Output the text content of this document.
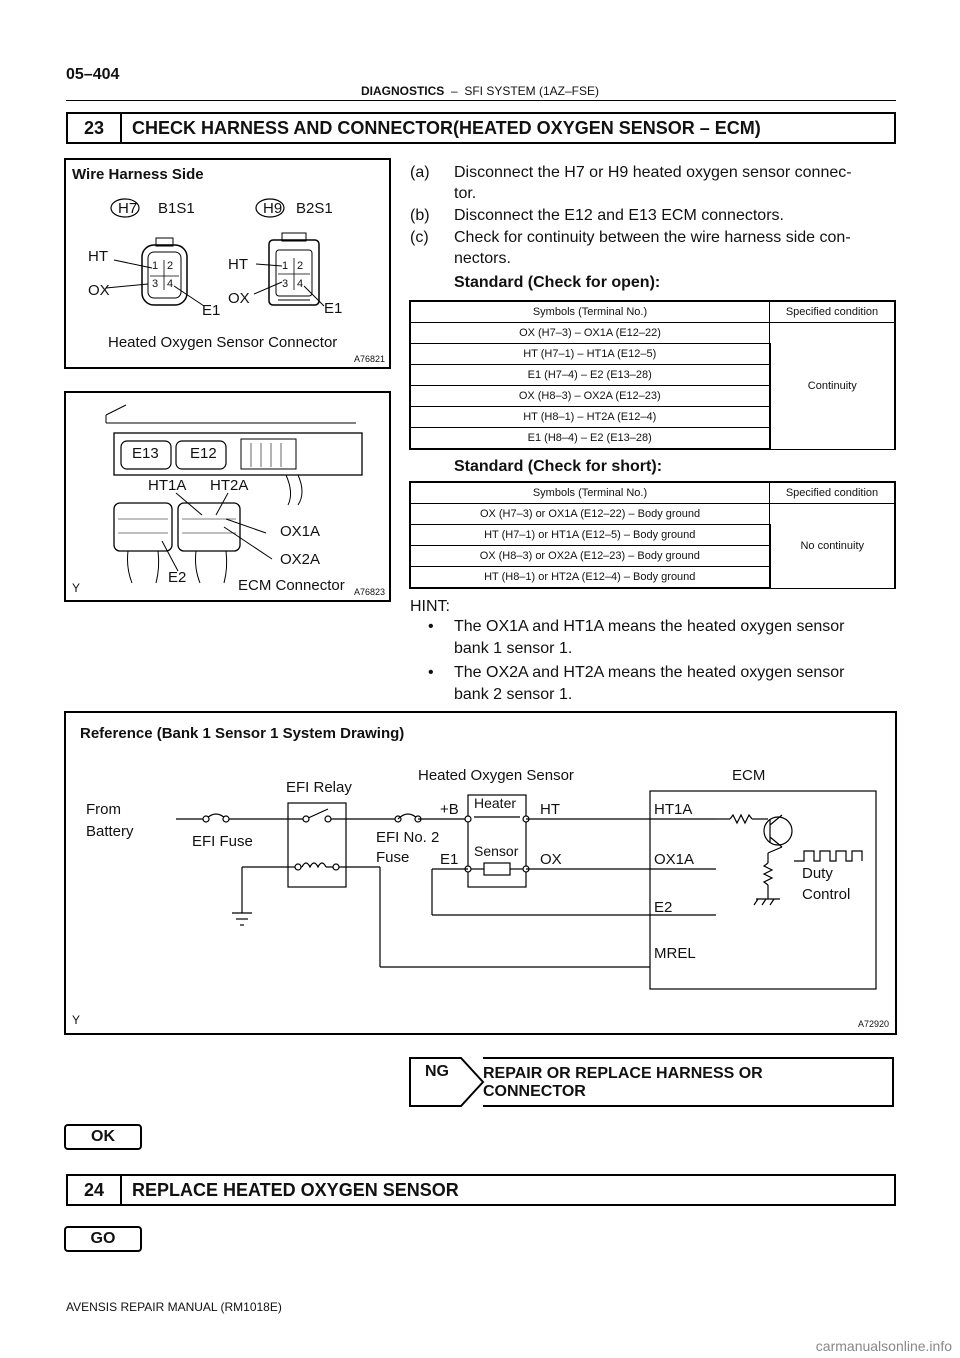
05–404
DIAGNOSTICS – SFI SYSTEM (1AZ–FSE)
23	CHECK HARNESS AND CONNECTOR(HEATED OXYGEN SENSOR – ECM)
Wire Harness Side
H7 B1S1	H9 B2S1
HT
OX
E1
HT
OX
E1
1 2
3 4
1 2
3 4
Heated Oxygen Sensor Connector
A76821
E13 E12
HT1A HT2A
OX1A
OX2A
E2	ECM Connector A76823
Y
(a) Disconnect the H7 or H9 heated oxygen sensor connec-
tor.
(b) Disconnect the E12 and E13 ECM connectors.
(c) Check for continuity between the wire harness side con-
nectors.
Standard (Check for open):
Symbols (Terminal No.)	Specified condition
OX (H7–3) – OX1A (E12–22)	Continuity
HT (H7–1) – HT1A (E12–5)	
E1 (H7–4) – E2 (E13–28)	
OX (H8–3) – OX2A (E12–23)	
HT (H8–1) – HT2A (E12–4)	
E1 (H8–4) – E2 (E13–28)	
Standard (Check for short):
Symbols (Terminal No.)	Specified condition
OX (H7–3) or OX1A (E12–22) – Body ground	No continuity
HT (H7–1) or HT1A (E12–5) – Body ground	
OX (H8–3) or OX2A (E12–23) – Body ground	
HT (H8–1) or HT2A (E12–4) – Body ground	
HINT:
• The OX1A and HT1A means the heated oxygen sensor
bank 1 sensor 1.
• The OX2A and HT2A means the heated oxygen sensor
bank 2 sensor 1.
Reference (Bank 1 Sensor 1 System Drawing)
From
Battery
EFI Fuse
EFI Relay
EFI No. 2
Fuse
Heated Oxygen Sensor
+B Heater
Sensor
E1
HT
OX
ECM
HT1A
OX1A
E2
MREL
Duty
Control
A72920
Y
NG	REPAIR OR REPLACE HARNESS OR
CONNECTOR
OK
24	REPLACE HEATED OXYGEN SENSOR
GO
AVENSIS REPAIR MANUAL (RM1018E)
carmanualsonline.info
